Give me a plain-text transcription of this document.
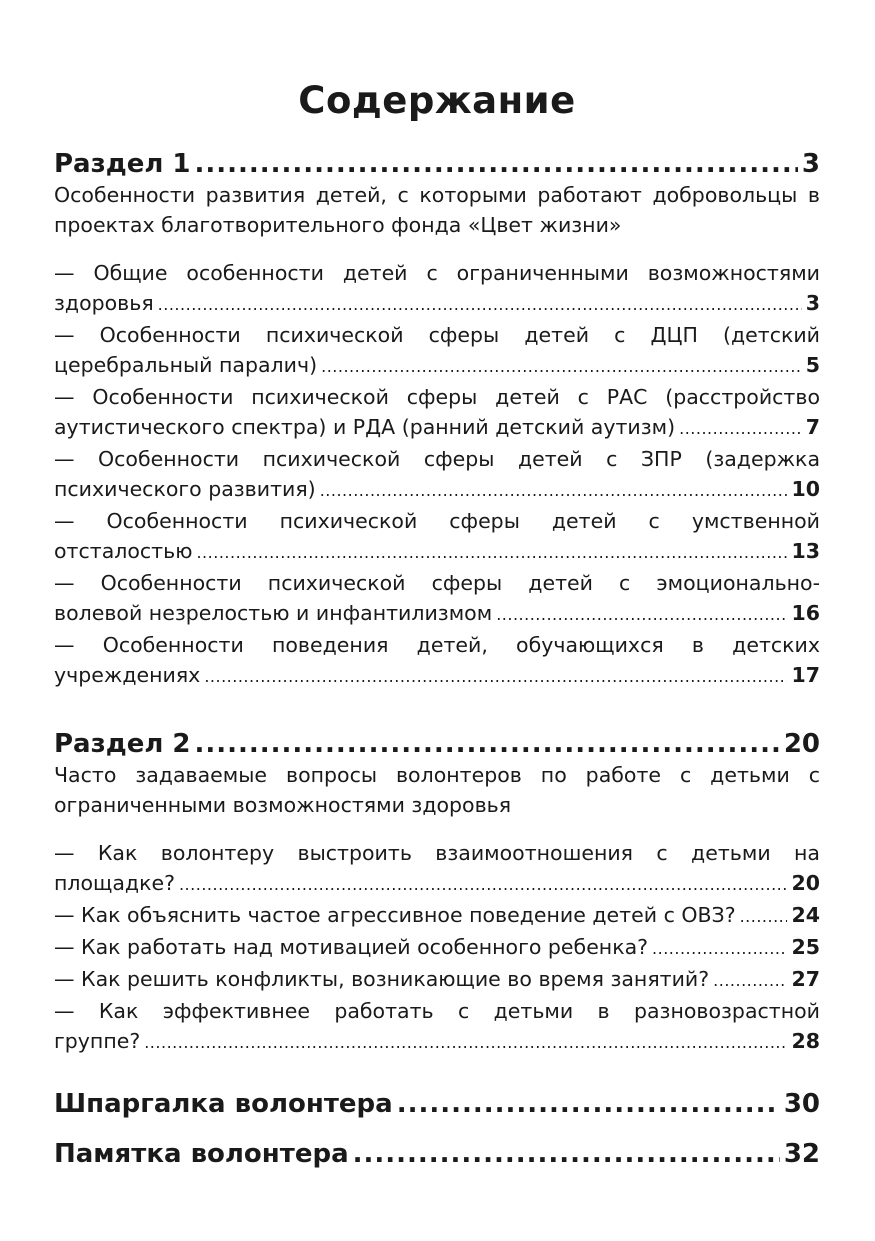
Содержание
Раздел 1 .....	3

Особенности развития детей, с которыми работают добровольцы в проектах благотворительного фонда «Цвет жизни»

— Общие особенности детей с ограниченными возможностями
здоровья .....	3
— Особенности психической сферы детей с ДЦП (детский
церебральный паралич) .....	5
— Особенности психической сферы детей с РАС (расстройство
аутистического спектра) и РДА (ранний детский аутизм) .....	7
— Особенности психической сферы детей с ЗПР (задержка
психического развития) .....	10
— Особенности психической сферы детей с умственной
отсталостью .....	13
— Особенности психической сферы детей с эмоционально-
волевой незрелостью и инфантилизмом .....	16
— Особенности поведения детей, обучающихся в детских
учреждениях .....	17
Раздел 2 .....	20

Часто задаваемые вопросы волонтеров по работе с детьми с ограниченными возможностями здоровья

— Как волонтеру выстроить взаимоотношения с детьми на
площадке? .....	20
— Как объяснить частое агрессивное поведение детей с ОВЗ? .....	24
— Как работать над мотивацией особенного ребенка? .....	25
— Как решить конфликты, возникающие во время занятий? .....	27
— Как эффективнее работать с детьми в разновозрастной
группе? .....	28
Шпаргалка волонтера .....	30
Памятка волонтера .....	32
